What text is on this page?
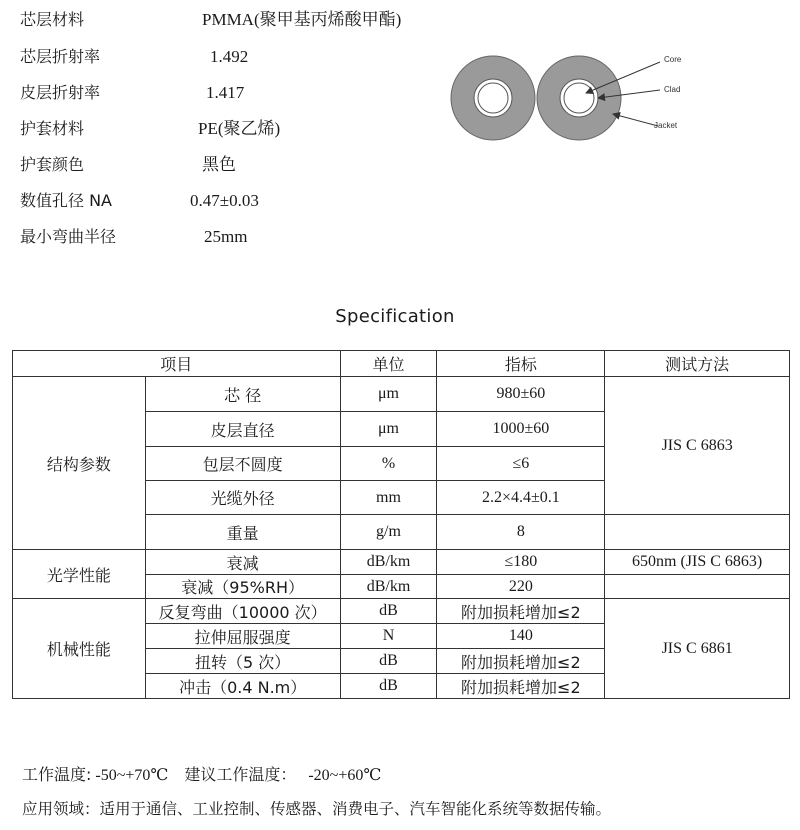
芯层材料	PMMA(聚甲基丙烯酸甲酯)
芯层折射率	1.492
皮层折射率	1.417
护套材料	PE(聚乙烯)
护套颜色	黑色
数值孔径 NA	0.47±0.03
最小弯曲半径	25mm
Core
Clad
Jacket
Specification
项目		单位	指标	测试方法
结构参数	芯 径	μm	980±60	JIS C 6863
	皮层直径	μm	1000±60	
	包层不圆度	%	≤6	
	光缆外径	mm	2.2×4.4±0.1	
	重量	g/m	8	
光学性能	衰减	dB/km	≤180	650nm (JIS C 6863)
	衰减（95%RH）	dB/km	220	
机械性能	反复弯曲（10000 次）	dB	附加损耗增加≤2	JIS C 6861
	拉伸屈服强度	N	140	
	扭转（5 次）	dB	附加损耗增加≤2	
	冲击（0.4 N.m）	dB	附加损耗增加≤2	
工作温度: -50~+70℃ 建议工作温度： -20~+60℃
应用领域：适用于通信、工业控制、传感器、消费电子、汽车智能化系统等数据传输。
